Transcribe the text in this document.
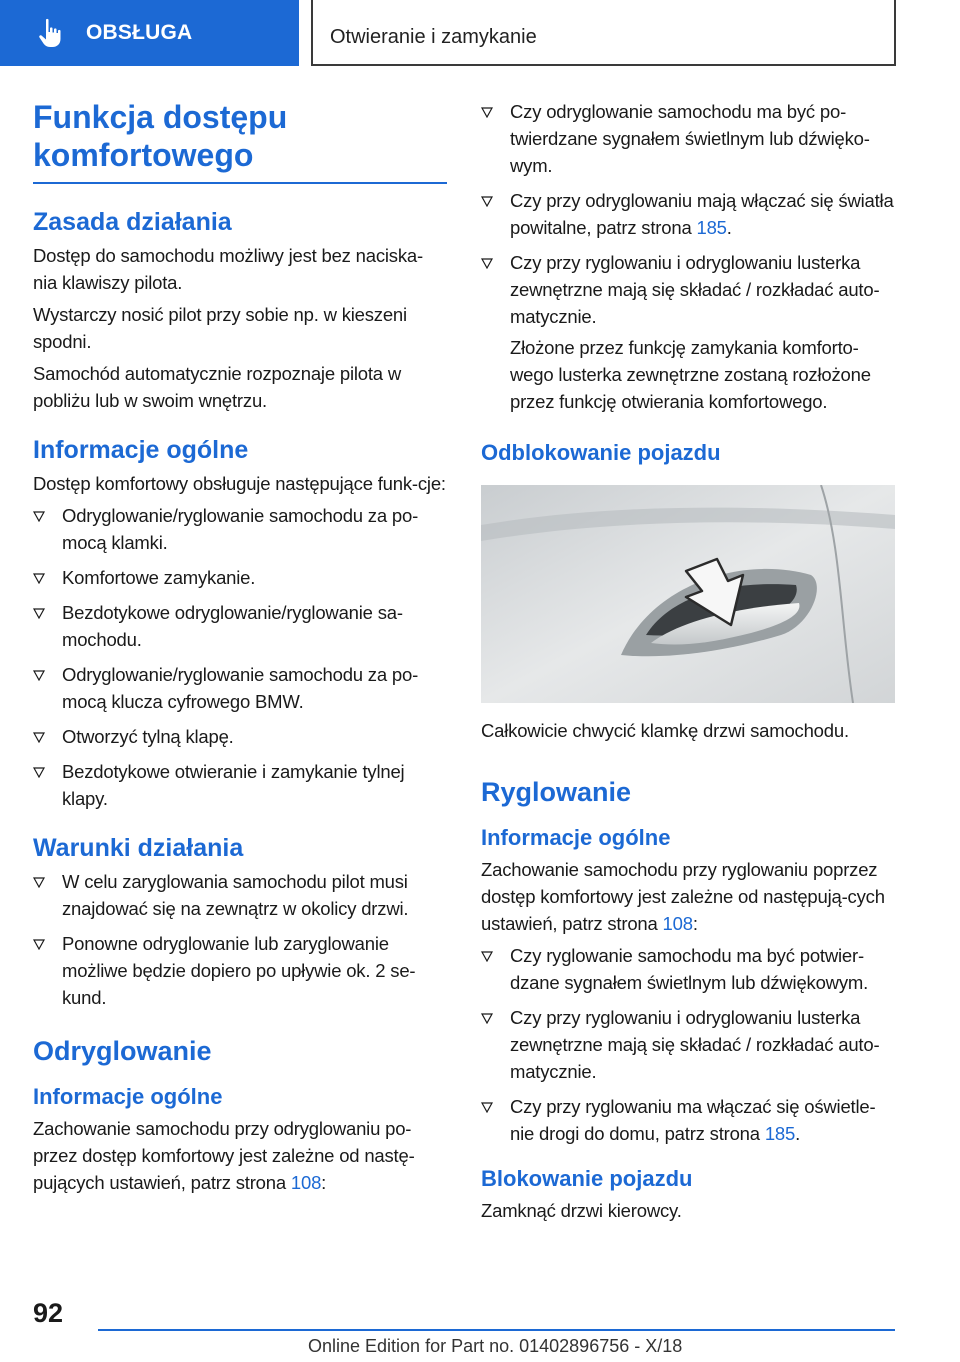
OBSŁUGA	Otwieranie i zamykanie
Funkcja dostępu
komfortowego
Zasada działania

Dostęp do samochodu możliwy jest bez naciska-nia klawiszy pilota.

Wystarczy nosić pilot przy sobie np. w kieszeni spodni.

Samochód automatycznie rozpoznaje pilota w pobliżu lub w swoim wnętrzu.

Informacje ogólne

Dostęp komfortowy obsługuje następujące funk-cje:

Odryglowanie/ryglowanie samochodu za po-mocą klamki.
Komfortowe zamykanie.
Bezdotykowe odryglowanie/ryglowanie sa-mochodu.
Odryglowanie/ryglowanie samochodu za po-mocą klucza cyfrowego BMW.
Otworzyć tylną klapę.
Bezdotykowe otwieranie i zamykanie tylnej klapy.
Warunki działania
W celu zaryglowania samochodu pilot musi znajdować się na zewnątrz w okolicy drzwi.
Ponowne odryglowanie lub zaryglowanie możliwe będzie dopiero po upływie ok. 2 se-kund.
Odryglowanie
Informacje ogólne

Zachowanie samochodu przy odryglowaniu po-przez dostęp komfortowy jest zależne od nastę-pujących ustawień, patrz strona 108:

Czy odryglowanie samochodu ma być po-twierdzane sygnałem świetlnym lub dźwięko-wym.
Czy przy odryglowaniu mają włączać się światła powitalne, patrz strona 185.
Czy przy ryglowaniu i odryglowaniu lusterka zewnętrzne mają się składać / rozkładać auto-matycznie.

Złożone przez funkcję zamykania komforto-wego lusterka zewnętrzne zostaną rozłożone przez funkcję otwierania komfortowego.

Odblokowanie pojazdu

Całkowicie chwycić klamkę drzwi samochodu.

Ryglowanie
Informacje ogólne

Zachowanie samochodu przy ryglowaniu poprzez dostęp komfortowy jest zależne od następują-cych ustawień, patrz strona 108:

Czy ryglowanie samochodu ma być potwier-dzane sygnałem świetlnym lub dźwiękowym.
Czy przy ryglowaniu i odryglowaniu lusterka zewnętrzne mają się składać / rozkładać auto-matycznie.
Czy przy ryglowaniu ma włączać się oświetle-nie drogi do domu, patrz strona 185.
Blokowanie pojazdu

Zamknąć drzwi kierowcy.

92
Online Edition for Part no. 01402896756 - X/18
